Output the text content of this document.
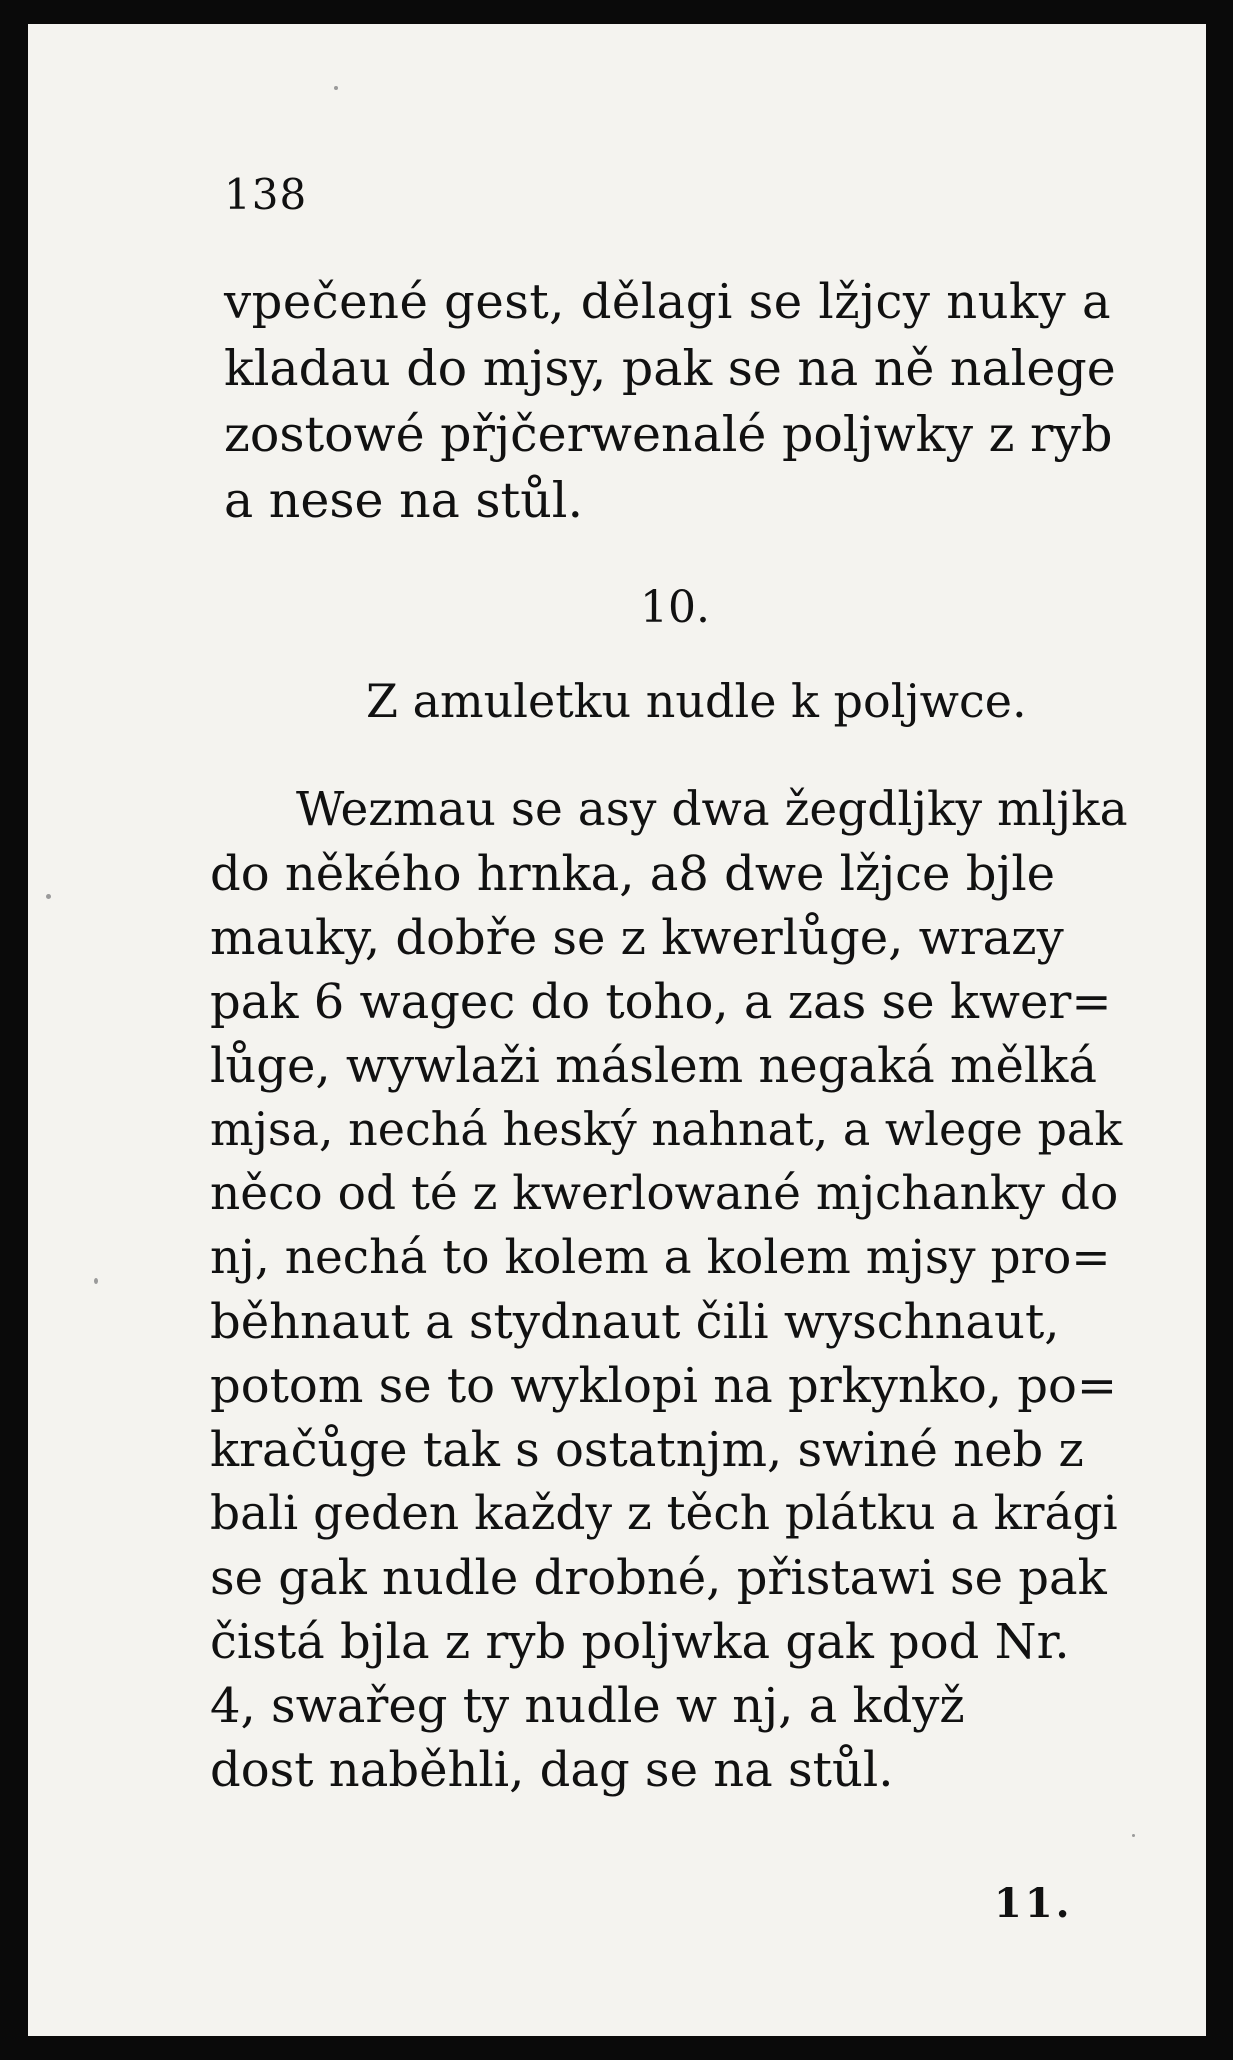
138
vpečené gest, dělagi se lžjcy nuky a
kladau do mjsy, pak se na ně nalege
zostowé přjčerwenalé poljwky z ryb
a nese na stůl.
10.
Z amuletku nudle k poljwce.
Wezmau se asy dwa žegdljky mljka
do někého hrnka, a8 dwe lžjce bjle
mauky, dobře se z kwerlůge, wrazy
pak 6 wagec do toho, a zas se kwer=
lůge, wywlaži máslem negaká mělká
mjsa, nechá heský nahnat, a wlege pak
něco od té z kwerlowané mjchanky do
nj, nechá to kolem a kolem mjsy pro=
běhnaut a stydnaut čili wyschnaut,
potom se to wyklopi na prkynko, po=
kračůge tak s ostatnjm, swiné neb z
bali geden každy z těch plátku a krági
se gak nudle drobné, přistawi se pak
čistá bjla z ryb poljwka gak pod Nr.
4, swařeg ty nudle w nj, a když
dost naběhli, dag se na stůl.
11.
